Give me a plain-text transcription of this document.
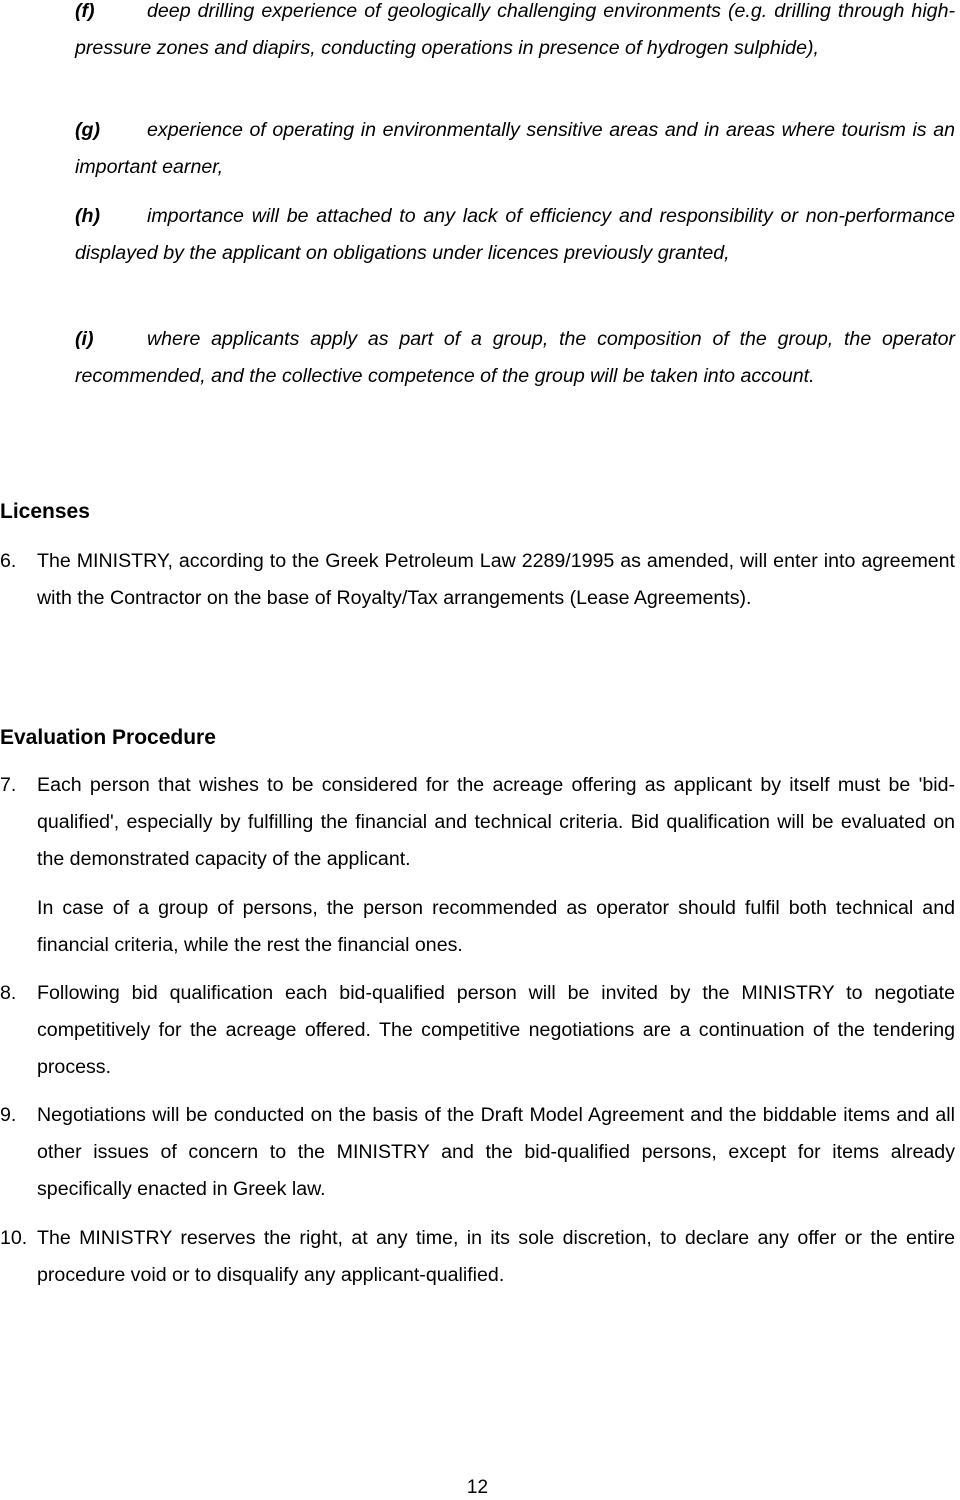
(f)	deep drilling experience of geologically challenging environments (e.g. drilling through high-pressure zones and diapirs, conducting operations in presence of hydrogen sulphide),
(g) experience of operating in environmentally sensitive areas and in areas where tourism is an important earner,
(h) importance will be attached to any lack of efficiency and responsibility or non-performance displayed by the applicant on obligations under licences previously granted,
(i)	where applicants apply as part of a group, the composition of the group, the operator recommended, and the collective competence of the group will be taken into account.
Licenses
6.	The MINISTRY, according to the Greek Petroleum Law 2289/1995 as amended, will enter into agreement with the Contractor on the base of Royalty/Tax arrangements (Lease Agreements).
Evaluation Procedure
7.	Each person that wishes to be considered for the acreage offering as applicant by itself must be 'bid-qualified', especially by fulfilling the financial and technical criteria. Bid qualification will be evaluated on the demonstrated capacity of the applicant.
In case of a group of persons, the person recommended as operator should fulfil both technical and financial criteria, while the rest the financial ones.
8.	Following bid qualification each bid-qualified person will be invited by the MINISTRY to negotiate competitively for the acreage offered. The competitive negotiations are a continuation of the tendering process.
9.	Negotiations will be conducted on the basis of the Draft Model Agreement and the biddable items and all other issues of concern to the MINISTRY and the bid-qualified persons, except for items already specifically enacted in Greek law.
10. The MINISTRY reserves the right, at any time, in its sole discretion, to declare any offer or the entire procedure void or to disqualify any applicant-qualified.
12
